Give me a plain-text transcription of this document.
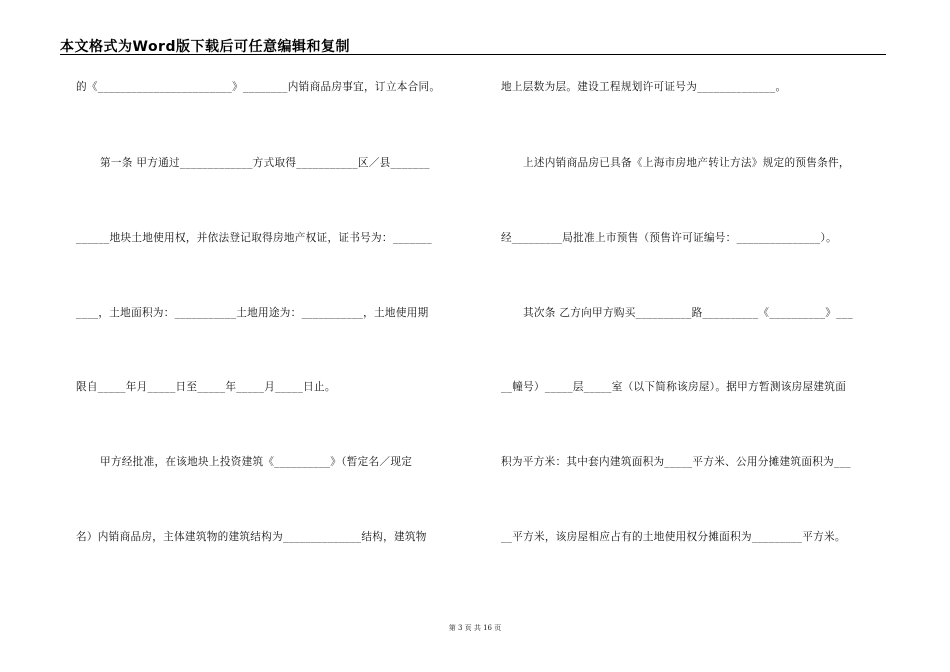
本文格式为Word版下载后可任意编辑和复制
的《________________________》________内销商品房事宜，订立本合同。
第一条 甲方通过_____________方式取得___________区／县_______
______地块土地使用权，并依法登记取得房地产权证，证书号为：_______
____，土地面积为：___________土地用途为：___________，土地使用期
限自_____年月_____日至_____年_____月_____日止。
甲方经批准，在该地块上投资建筑《__________》（暂定名／现定
名）内销商品房，主体建筑物的建筑结构为______________结构，建筑物
地上层数为层。建设工程规划许可证号为______________。
上述内销商品房已具备《上海市房地产转让方法》规定的预售条件，
经_________局批准上市预售（预售许可证编号：_______________）。
其次条 乙方向甲方购买__________路__________《__________》___
__幢号）_____层_____室（以下简称该房屋）。据甲方暂测该房屋建筑面
积为平方米：其中套内建筑面积为_____平方米、公用分摊建筑面积为___
__平方米，该房屋相应占有的土地使用权分摊面积为_________平方米。
第 3 页 共 16 页
